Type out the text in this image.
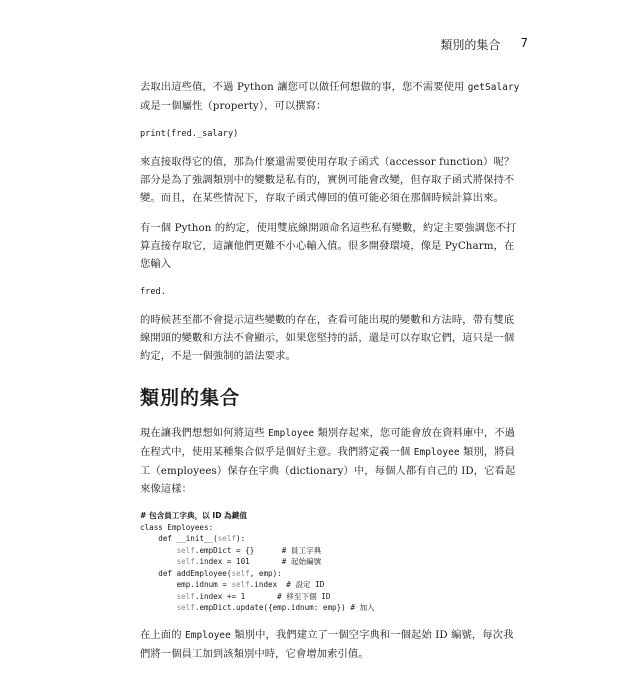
類別的集合 7

去取出這些值，不過 Python 讓您可以做任何想做的事，您不需要使用 getSalary 或是一個屬性（property），可以撰寫：

print(fred._salary)

來直接取得它的值，那為什麼還需要使用存取子函式（accessor function）呢？部分是為了強調類別中的變數是私有的，實例可能會改變，但存取子函式將保持不變。而且，在某些情況下，存取子函式傳回的值可能必須在那個時候計算出來。

有一個 Python 的約定，使用雙底線開頭命名這些私有變數，約定主要強調您不打算直接存取它，這讓他們更難不小心輸入值。很多開發環境，像是 PyCharm，在您輸入

fred.

的時候甚至都不會提示這些變數的存在，查看可能出現的變數和方法時，帶有雙底線開頭的變數和方法不會顯示，如果您堅持的話，還是可以存取它們，這只是一個約定，不是一個強制的語法要求。

類別的集合

現在讓我們想想如何將這些 Employee 類別存起來，您可能會放在資料庫中，不過在程式中，使用某種集合似乎是個好主意。我們將定義一個 Employee 類別，將員工（employees）保存在字典（dictionary）中，每個人都有自己的 ID，它看起來像這樣：

# 包含員工字典，以 ID 為鍵值
class Employees:
def __init__(self):
self.empDict = {}      # 員工字典
self.index = 101       # 起始編號
def addEmployee(self, emp):
emp.idnum = self.index  # 設定 ID
self.index += 1       # 移至下個 ID
self.empDict.update({emp.idnum: emp}) # 加入

在上面的 Employee 類別中，我們建立了一個空字典和一個起始 ID 編號，每次我們將一個員工加到該類別中時，它會增加索引值。
